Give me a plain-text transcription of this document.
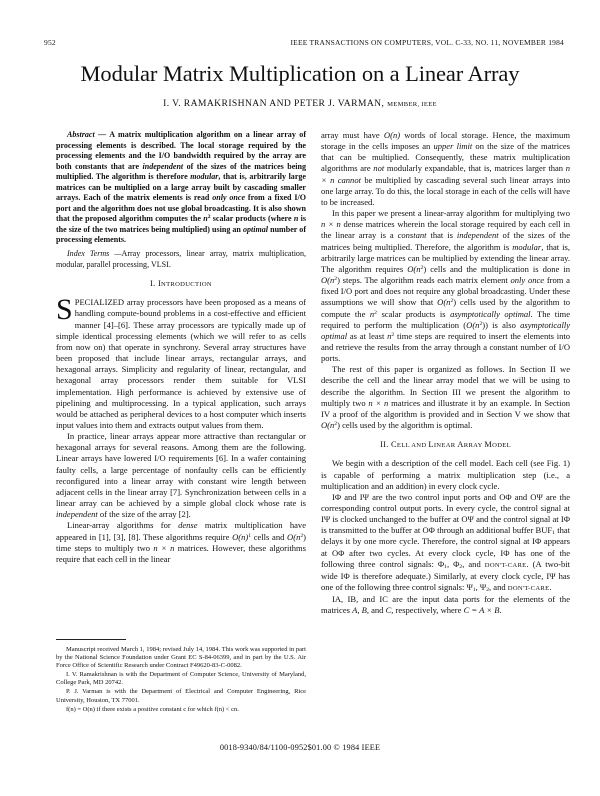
952	IEEE TRANSACTIONS ON COMPUTERS, VOL. C-33, NO. 11, NOVEMBER 1984
Modular Matrix Multiplication on a Linear Array
I. V. RAMAKRISHNAN AND PETER J. VARMAN, MEMBER, IEEE

Abstract — A matrix multiplication algorithm on a linear array of processing elements is described. The local storage required by the processing elements and the I/O bandwidth required by the array are both constants that are independent of the sizes of the matrices being multiplied. The algorithm is therefore modular, that is, arbitrarily large matrices can be multiplied on a large array built by cascading smaller arrays. Each of the matrix elements is read only once from a fixed I/O port and the algorithm does not use global broadcasting. It is also shown that the proposed algorithm computes the $n^2$ scalar products (where n is the size of the two matrices being multiplied) using an optimal number of processing elements.

Index Terms —Array processors, linear array, matrix multiplication, modular, parallel processing, VLSI.

I. INTRODUCTION

SPECIALIZED array processors have been proposed as a means of handling compute-bound problems in a cost-effective and efficient manner [4]–[6]. These array processors are typically made up of simple identical processing elements (which we will refer to as cells from now on) that operate in synchrony. Several array structures have been proposed that include linear arrays, rectangular arrays, and hexagonal arrays. Simplicity and regularity of linear, rectangular, and hexagonal array processors render them suitable for VLSI implementation. High performance is achieved by extensive use of pipelining and multiprocessing. In a typical application, such arrays would be attached as peripheral devices to a host computer which inserts input values into them and extracts output values from them.

In practice, linear arrays appear more attractive than rectangular or hexagonal arrays for several reasons. Among them are the following. Linear arrays have lowered I/O requirements [6]. In a wafer containing faulty cells, a large percentage of nonfaulty cells can be efficiently reconfigured into a linear array with constant wire length between adjacent cells in the linear array [7]. Synchronization between cells in a linear array can be achieved by a simple global clock whose rate is independent of the size of the array [2].

Linear-array algorithms for dense matrix multiplication have appeared in [1], [3], [8]. These algorithms require $O(n)^1$ cells and $O(n^2)$ time steps to multiply two n × n matrices. However, these algorithms require that each cell in the linear

array must have O(n) words of local storage. Hence, the maximum storage in the cells imposes an upper limit on the size of the matrices that can be multiplied. Consequently, these matrix multiplication algorithms are not modularly expandable, that is, matrices larger than n × n cannot be multiplied by cascading several such linear arrays into one large array. To do this, the local storage in each of the cells will have to be increased.

In this paper we present a linear-array algorithm for multiplying two n × n dense matrices wherein the local storage required by each cell in the linear array is a constant that is independent of the sizes of the matrices being multiplied. Therefore, the algorithm is modular, that is, arbitrarily large matrices can be multiplied by extending the linear array. The algorithm requires $O(n^2)$ cells and the multiplication is done in $O(n^2)$ steps. The algorithm reads each matrix element only once from a fixed I/O port and does not require any global broadcasting. Under these assumptions we will show that $O(n^2)$ cells used by the algorithm to compute the $n^2$ scalar products is asymptotically optimal. The time required to perform the multiplication $(O(n^2))$ is also asymptotically optimal as at least $n^2$ time steps are required to insert the elements into and retrieve the results from the array through a constant number of I/O ports.

The rest of this paper is organized as follows. In Section II we describe the cell and the linear array model that we will be using to describe the algorithm. In Section III we present the algorithm to multiply two n × n matrices and illustrate it by an example. In Section IV a proof of the algorithm is provided and in Section V we show that $O(n^2)$ cells used by the algorithm is optimal.

II. CELL AND LINEAR ARRAY MODEL

We begin with a description of the cell model. Each cell (see Fig. 1) is capable of performing a matrix multiplication step (i.e., a multiplication and an addition) in every clock cycle.

IΦ and IΨ are the two control input ports and OΦ and OΨ are the corresponding control output ports. In every cycle, the control signal at IΨ is clocked unchanged to the buffer at OΨ and the control signal at IΦ is transmitted to the buffer at OΦ through an additional buffer $BUF_1$ that delays it by one more cycle. Therefore, the control signal at IΦ appears at OΦ after two cycles. At every clock cycle, IΦ has one of the following three control signals: $\Phi_1$, $\Phi_2$, and DON'T-CARE. (A two-bit wide IΦ is therefore adequate.) Similarly, at every clock cycle, IΨ has one of the following three control signals: $\Psi_1$, $\Psi_2$, and DON'T-CARE.

IA, IB, and IC are the input data ports for the elements of the matrices A, B, and C, respectively, where C = A × B.

Manuscript received March 1, 1984; revised July 14, 1984. This work was supported in part by the National Science Foundation under Grant EC S-84-06399, and in part by the U.S. Air Force Office of Scientific Research under Contract F49620-83-C-0082.

I. V. Ramakrishnan is with the Department of Computer Science, University of Maryland, College Park, MD 20742.

P. J. Varman is with the Department of Electrical and Computer Engineering, Rice University, Houston, TX 77001.

f(n) = O(n) if there exists a positive constant c for which f(n) < cn.

0018-9340/84/1100-0952$01.00 © 1984 IEEE
